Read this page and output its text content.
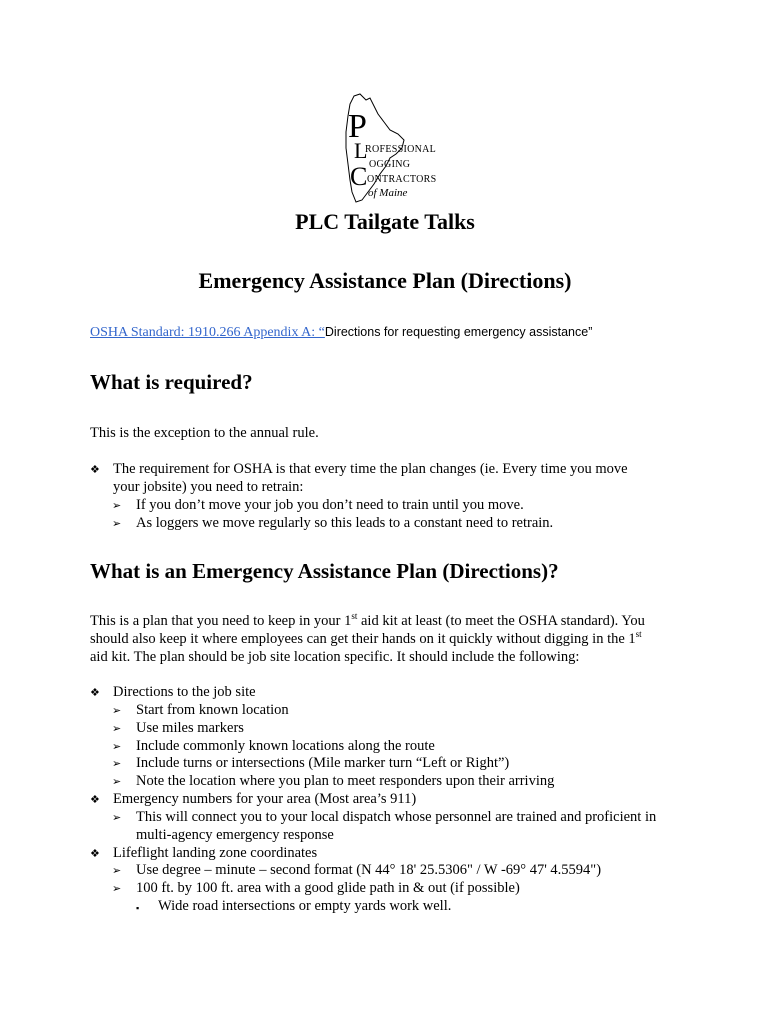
P
ROFESSIONAL
L
OGGING
C ONTRACTORS
of Maine
PLC Tailgate Talks
Emergency Assistance Plan (Directions)
OSHA Standard: 1910.266 Appendix A: “Directions for requesting emergency assistance”
What is required?
This is the exception to the annual rule.
❖ The requirement for OSHA is that every time the plan changes (ie. Every time you move
your jobsite) you need to retrain:
➢ If you don’t move your job you don’t need to train until you move.
➢ As loggers we move regularly so this leads to a constant need to retrain.
What is an Emergency Assistance Plan (Directions)?
This is a plan that you need to keep in your 1st aid kit at least (to meet the OSHA standard). You
should also keep it where employees can get their hands on it quickly without digging in the 1st
aid kit. The plan should be job site location specific. It should include the following:
❖ Directions to the job site
➢ Start from known location
➢ Use miles markers
➢ Include commonly known locations along the route
➢ Include turns or intersections (Mile marker turn “Left or Right”)
➢ Note the location where you plan to meet responders upon their arriving
❖ Emergency numbers for your area (Most area’s 911)
➢ This will connect you to your local dispatch whose personnel are trained and proficient in
multi-agency emergency response
❖ Lifeflight landing zone coordinates
➢ Use degree – minute – second format (N 44° 18' 25.5306" / W -69° 47' 4.5594")
➢ 100 ft. by 100 ft. area with a good glide path in & out (if possible)
▪ Wide road intersections or empty yards work well.
